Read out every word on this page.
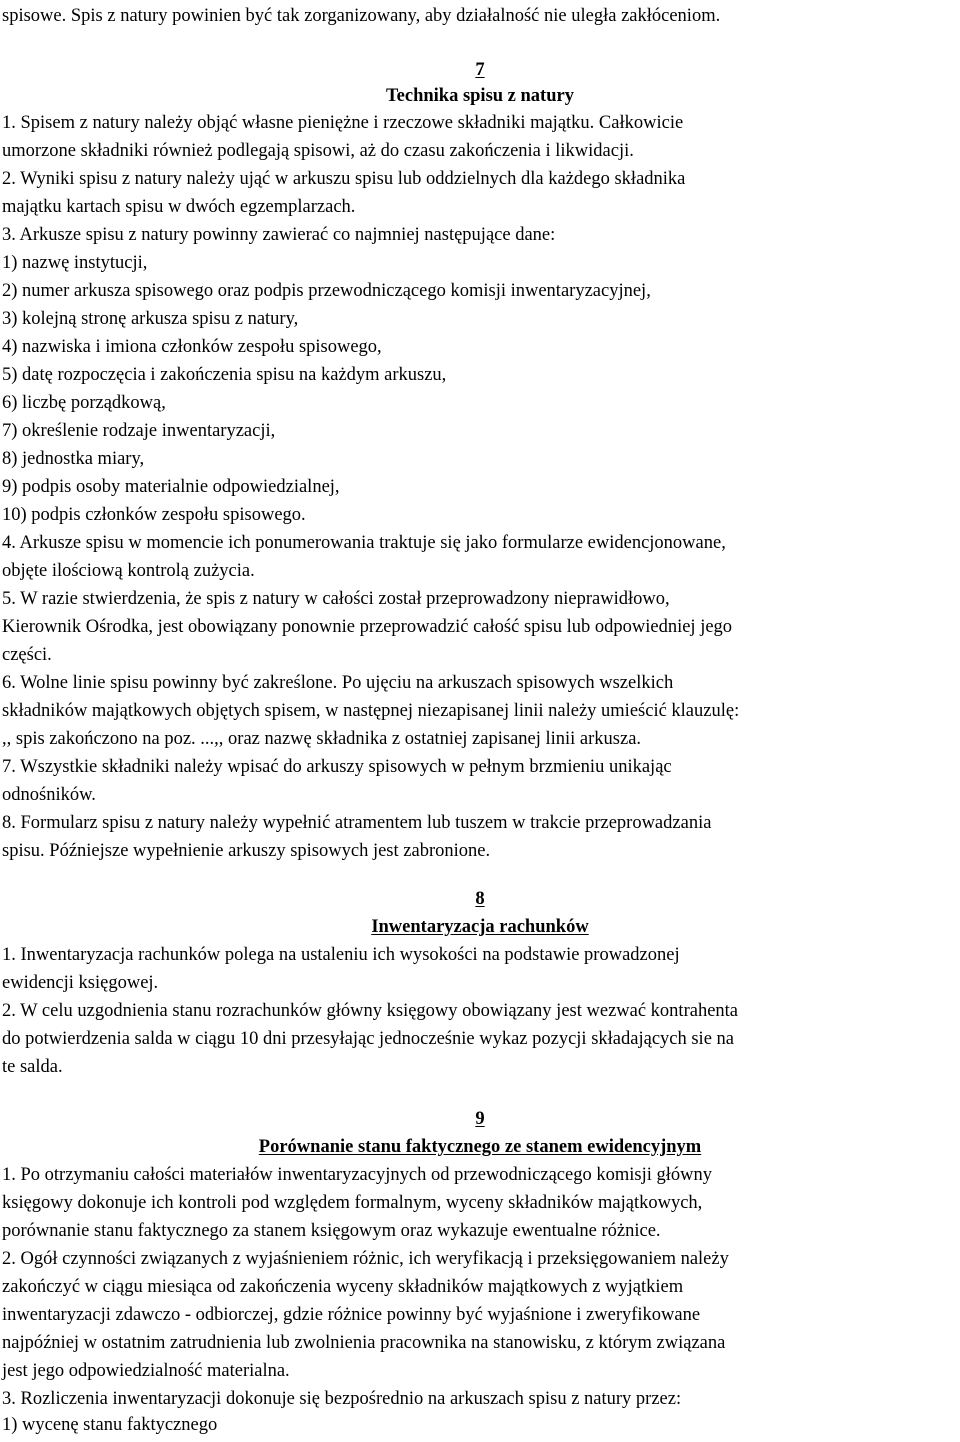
spisowe. Spis z natury powinien być tak zorganizowany, aby działalność nie uległa zakłóceniom.
7
Technika spisu z natury
1. Spisem z natury należy objąć własne pieniężne i rzeczowe składniki majątku. Całkowicie
umorzone składniki również podlegają spisowi, aż do czasu zakończenia i likwidacji.
2. Wyniki spisu z natury należy ująć w arkuszu spisu lub oddzielnych dla każdego składnika
majątku kartach spisu w dwóch egzemplarzach.
3. Arkusze spisu z natury powinny zawierać co najmniej następujące dane:
1) nazwę instytucji,
2) numer arkusza spisowego oraz podpis przewodniczącego komisji inwentaryzacyjnej,
3) kolejną stronę arkusza spisu z natury,
4) nazwiska i imiona członków zespołu spisowego,
5) datę rozpoczęcia i zakończenia spisu na każdym arkuszu,
6) liczbę porządkową,
7) określenie rodzaje inwentaryzacji,
8) jednostka miary,
9) podpis osoby materialnie odpowiedzialnej,
10) podpis członków zespołu spisowego.
4. Arkusze spisu w momencie ich ponumerowania traktuje się jako formularze ewidencjonowane,
objęte ilościową kontrolą zużycia.
5. W razie stwierdzenia, że spis z natury w całości został przeprowadzony nieprawidłowo,
Kierownik Ośrodka, jest obowiązany ponownie przeprowadzić całość spisu lub odpowiedniej jego
części.
6. Wolne linie spisu powinny być zakreślone. Po ujęciu na arkuszach spisowych wszelkich
składników majątkowych objętych spisem, w następnej niezapisanej linii należy umieścić klauzulę:
,, spis zakończono na poz. ...,, oraz nazwę składnika z ostatniej zapisanej linii arkusza.
7. Wszystkie składniki należy wpisać do arkuszy spisowych w pełnym brzmieniu unikając
odnośników.
8. Formularz spisu z natury należy wypełnić atramentem lub tuszem w trakcie przeprowadzania
spisu. Późniejsze wypełnienie arkuszy spisowych jest zabronione.
8
Inwentaryzacja rachunków
1. Inwentaryzacja rachunków polega na ustaleniu ich wysokości na podstawie prowadzonej
ewidencji księgowej.
2. W celu uzgodnienia stanu rozrachunków główny księgowy obowiązany jest wezwać kontrahenta
do potwierdzenia salda w ciągu 10 dni przesyłając jednocześnie wykaz pozycji składających sie na
te salda.
9
Porównanie stanu faktycznego ze stanem ewidencyjnym
1. Po otrzymaniu całości materiałów inwentaryzacyjnych od przewodniczącego komisji główny
księgowy dokonuje ich kontroli pod względem formalnym, wyceny składników majątkowych,
porównanie stanu faktycznego za stanem księgowym oraz wykazuje ewentualne różnice.
2. Ogół czynności związanych z wyjaśnieniem różnic, ich weryfikacją i przeksięgowaniem należy
zakończyć w ciągu miesiąca od zakończenia wyceny składników majątkowych z wyjątkiem
inwentaryzacji zdawczo - odbiorczej, gdzie różnice powinny być wyjaśnione i zweryfikowane
najpóźniej w ostatnim zatrudnienia lub zwolnienia pracownika na stanowisku, z którym związana
jest jego odpowiedzialność materialna.
3. Rozliczenia inwentaryzacji dokonuje się bezpośrednio na arkuszach spisu z natury przez:
1) wycenę stanu faktycznego
